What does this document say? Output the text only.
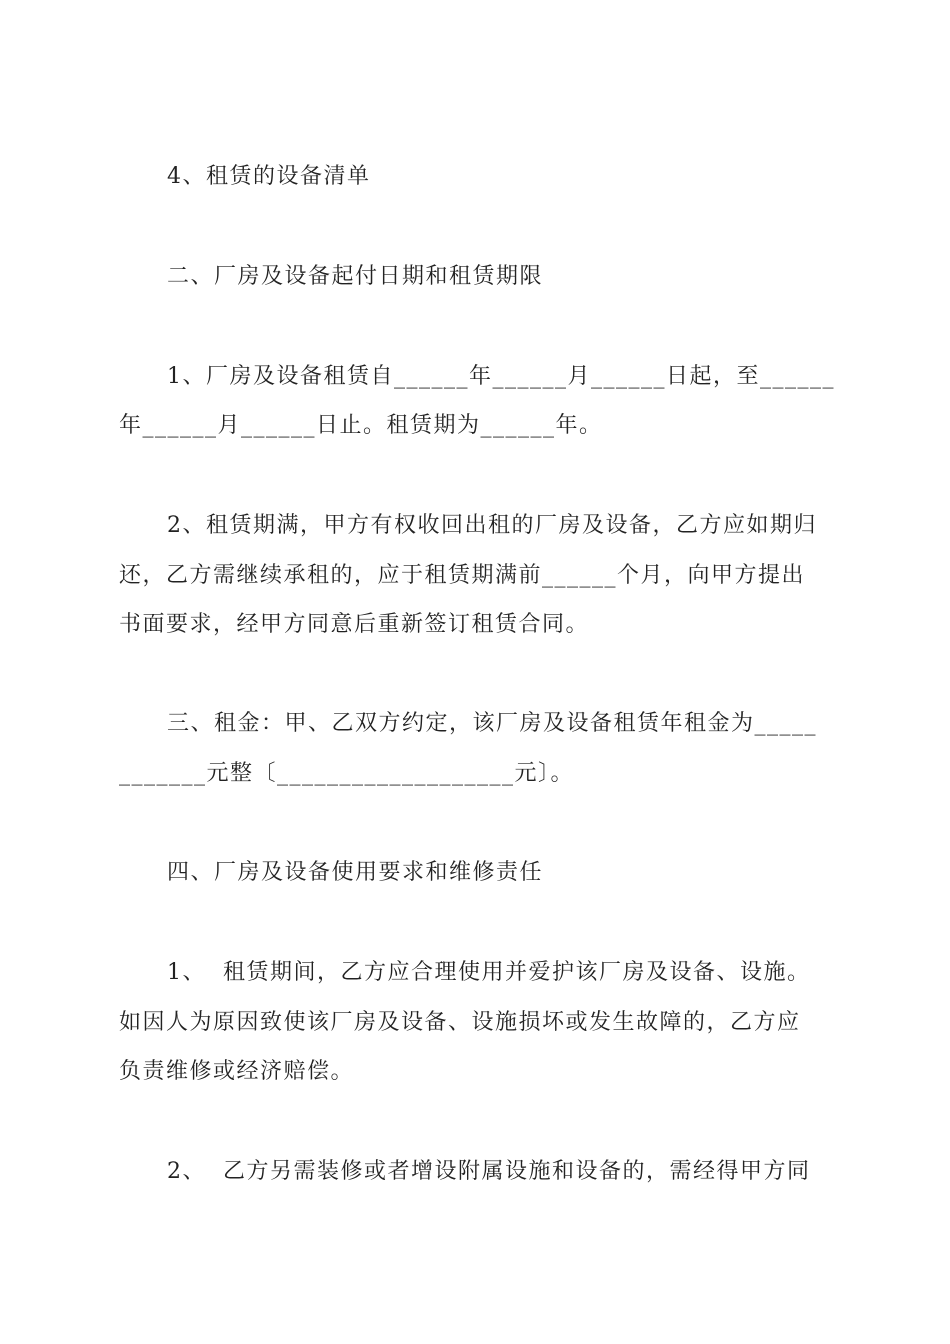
4、租赁的设备清单
二、厂房及设备起付日期和租赁期限
1、厂房及设备租赁自______年______月______日起，至______
年______月______日止。租赁期为______年。
2、租赁期满，甲方有权收回出租的厂房及设备，乙方应如期归
还，乙方需继续承租的，应于租赁期满前______个月，向甲方提出
书面要求，经甲方同意后重新签订租赁合同。
三、租金：甲、乙双方约定，该厂房及设备租赁年租金为_____
_______元整〔___________________元〕。
四、厂房及设备使用要求和维修责任
1、  租赁期间，乙方应合理使用并爱护该厂房及设备、设施。
如因人为原因致使该厂房及设备、设施损坏或发生故障的，乙方应
负责维修或经济赔偿。
2、  乙方另需装修或者增设附属设施和设备的，需经得甲方同
